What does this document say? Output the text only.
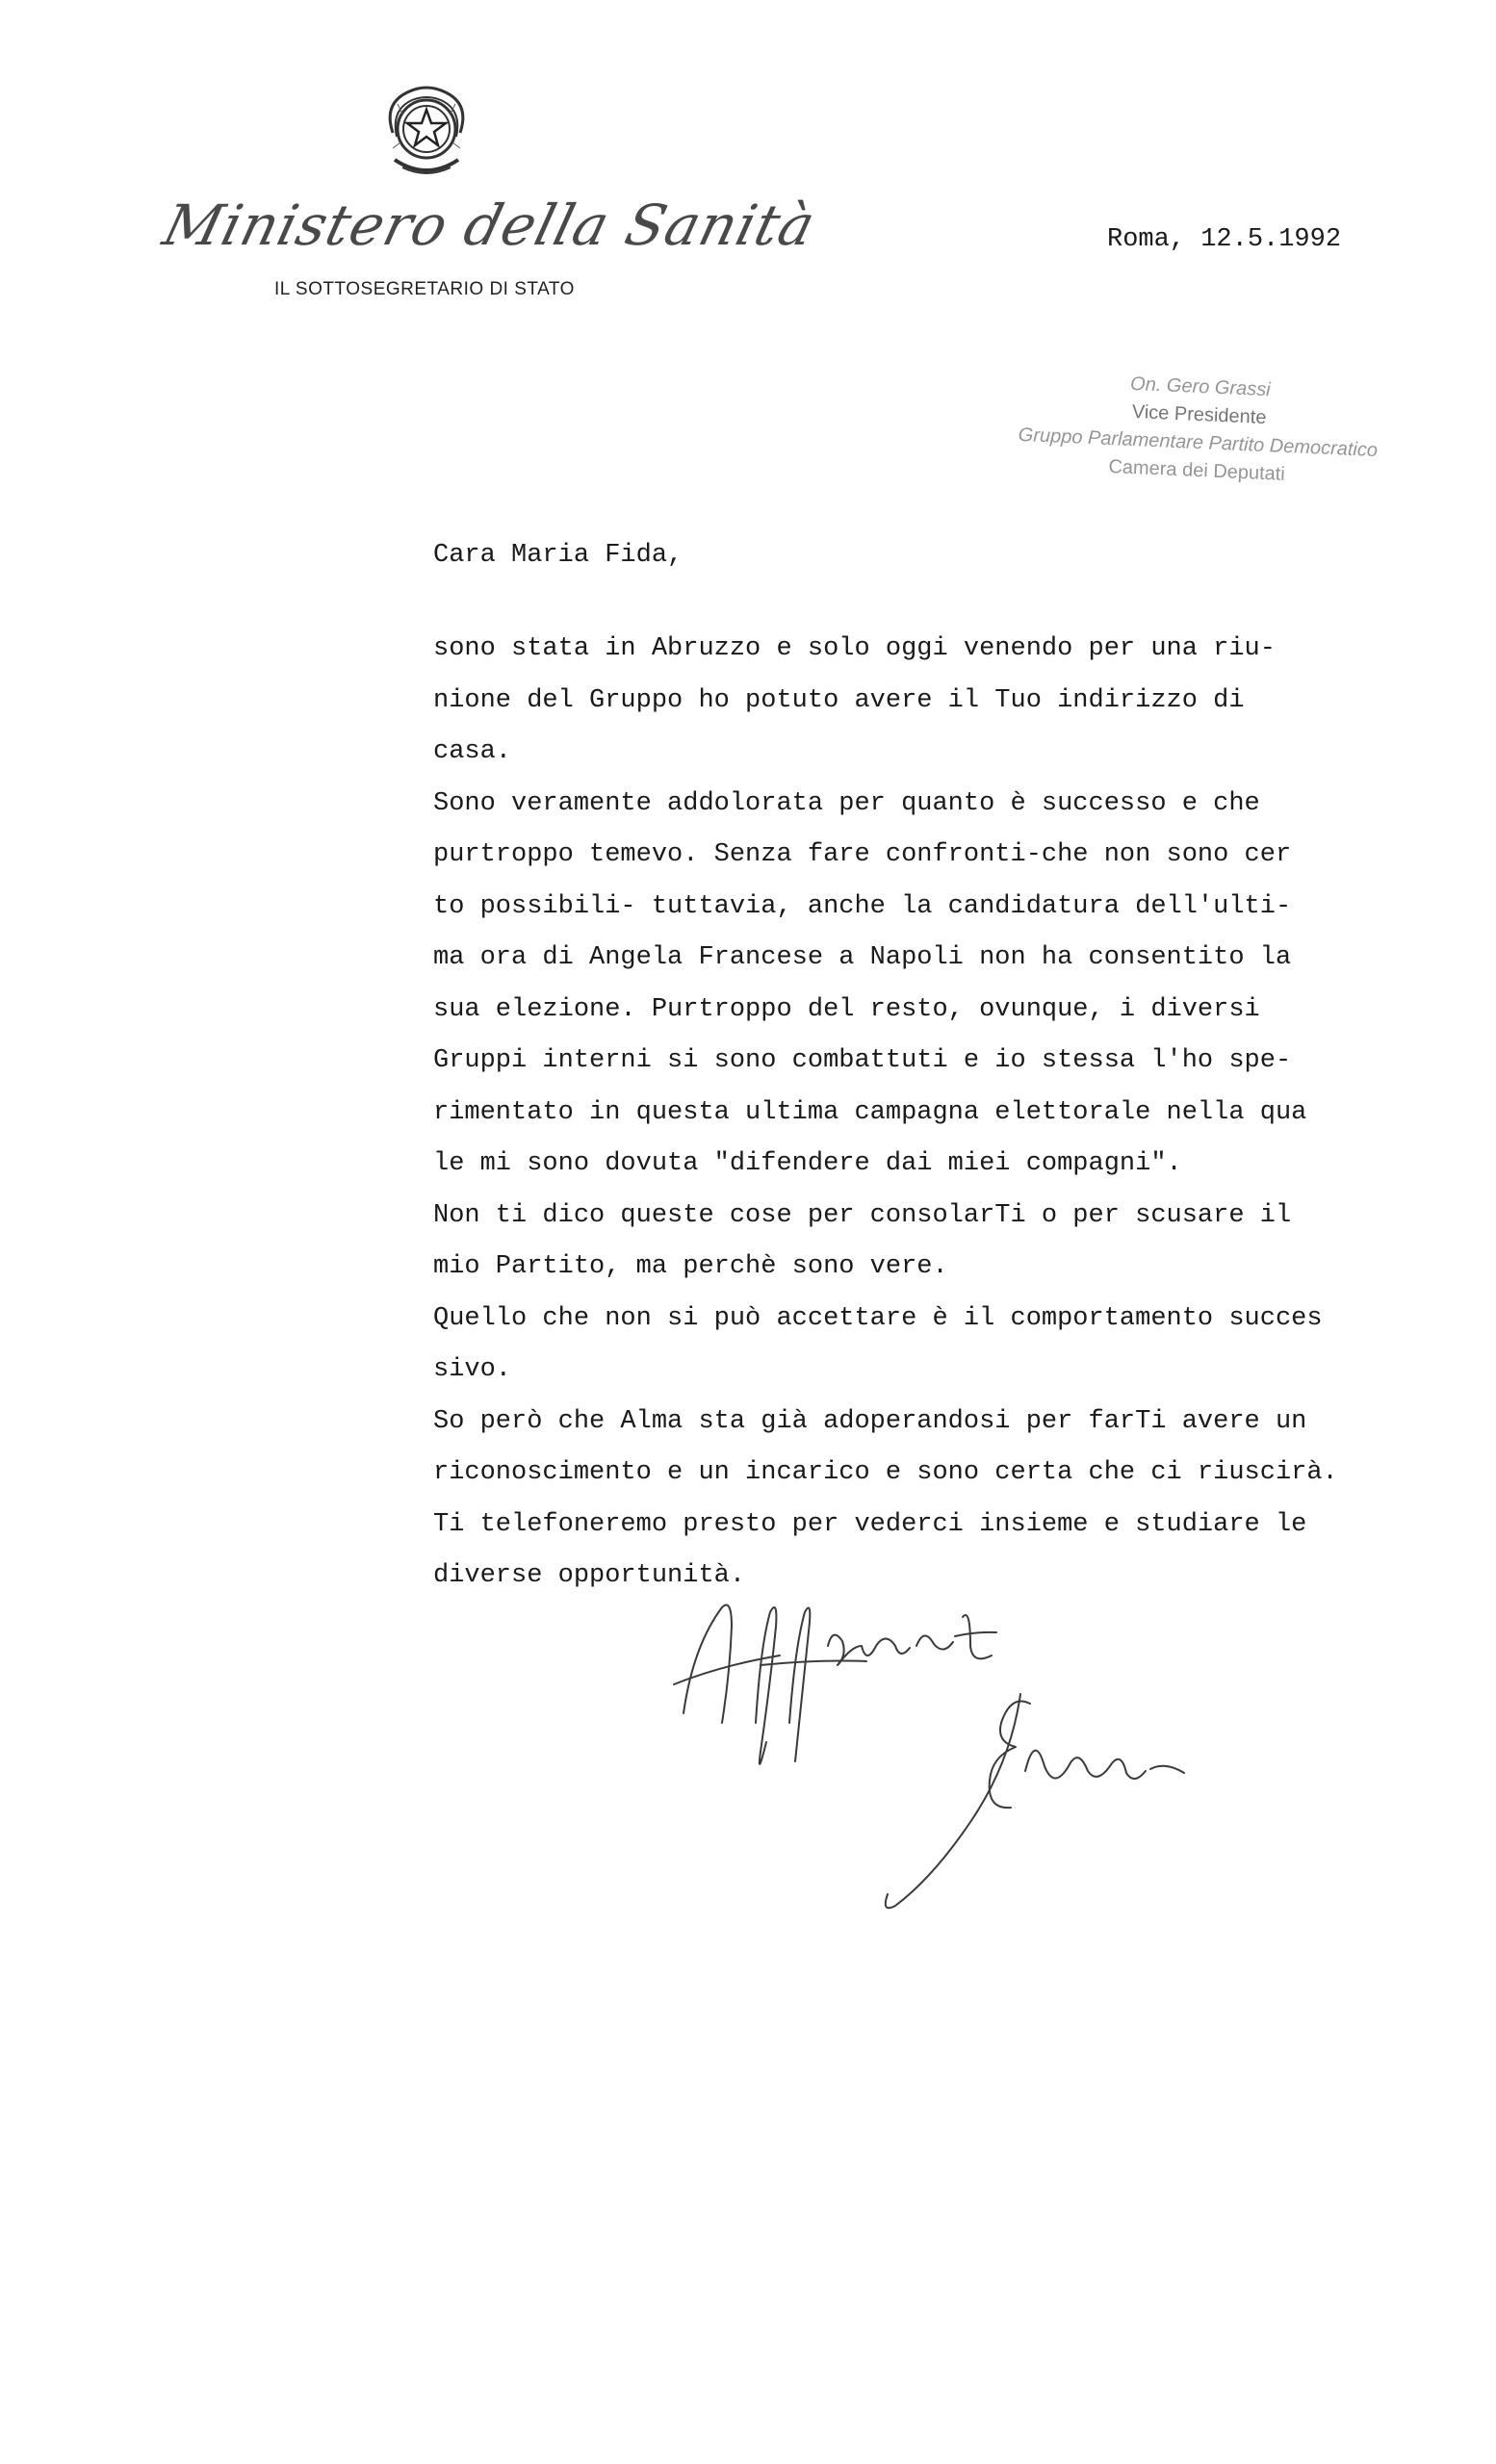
Ministero della Sanità
IL SOTTOSEGRETARIO DI STATO
Roma, 12.5.1992
On. Gero Grassi
Vice Presidente
Gruppo Parlamentare Partito Democratico
Camera dei Deputati
Cara Maria Fida,
sono stata in Abruzzo e solo oggi venendo per una riu-
nione del Gruppo ho potuto avere il Tuo indirizzo di
casa.
Sono veramente addolorata per quanto è successo e che
purtroppo temevo. Senza fare confronti-che non sono cer
to possibili- tuttavia, anche la candidatura dell'ulti-
ma ora di Angela Francese a Napoli non ha consentito la
sua elezione. Purtroppo del resto, ovunque, i diversi
Gruppi interni si sono combattuti e io stessa l'ho spe-
rimentato in questa ultima campagna elettorale nella qua
le mi sono dovuta "difendere dai miei compagni".
Non ti dico queste cose per consolarTi o per scusare il
mio Partito, ma perchè sono vere.
Quello che non si può accettare è il comportamento succes
sivo.
So però che Alma sta già adoperandosi per farTi avere un
riconoscimento e un incarico e sono certa che ci riuscirà.
Ti telefoneremo presto per vederci insieme e studiare le
diverse opportunità.
